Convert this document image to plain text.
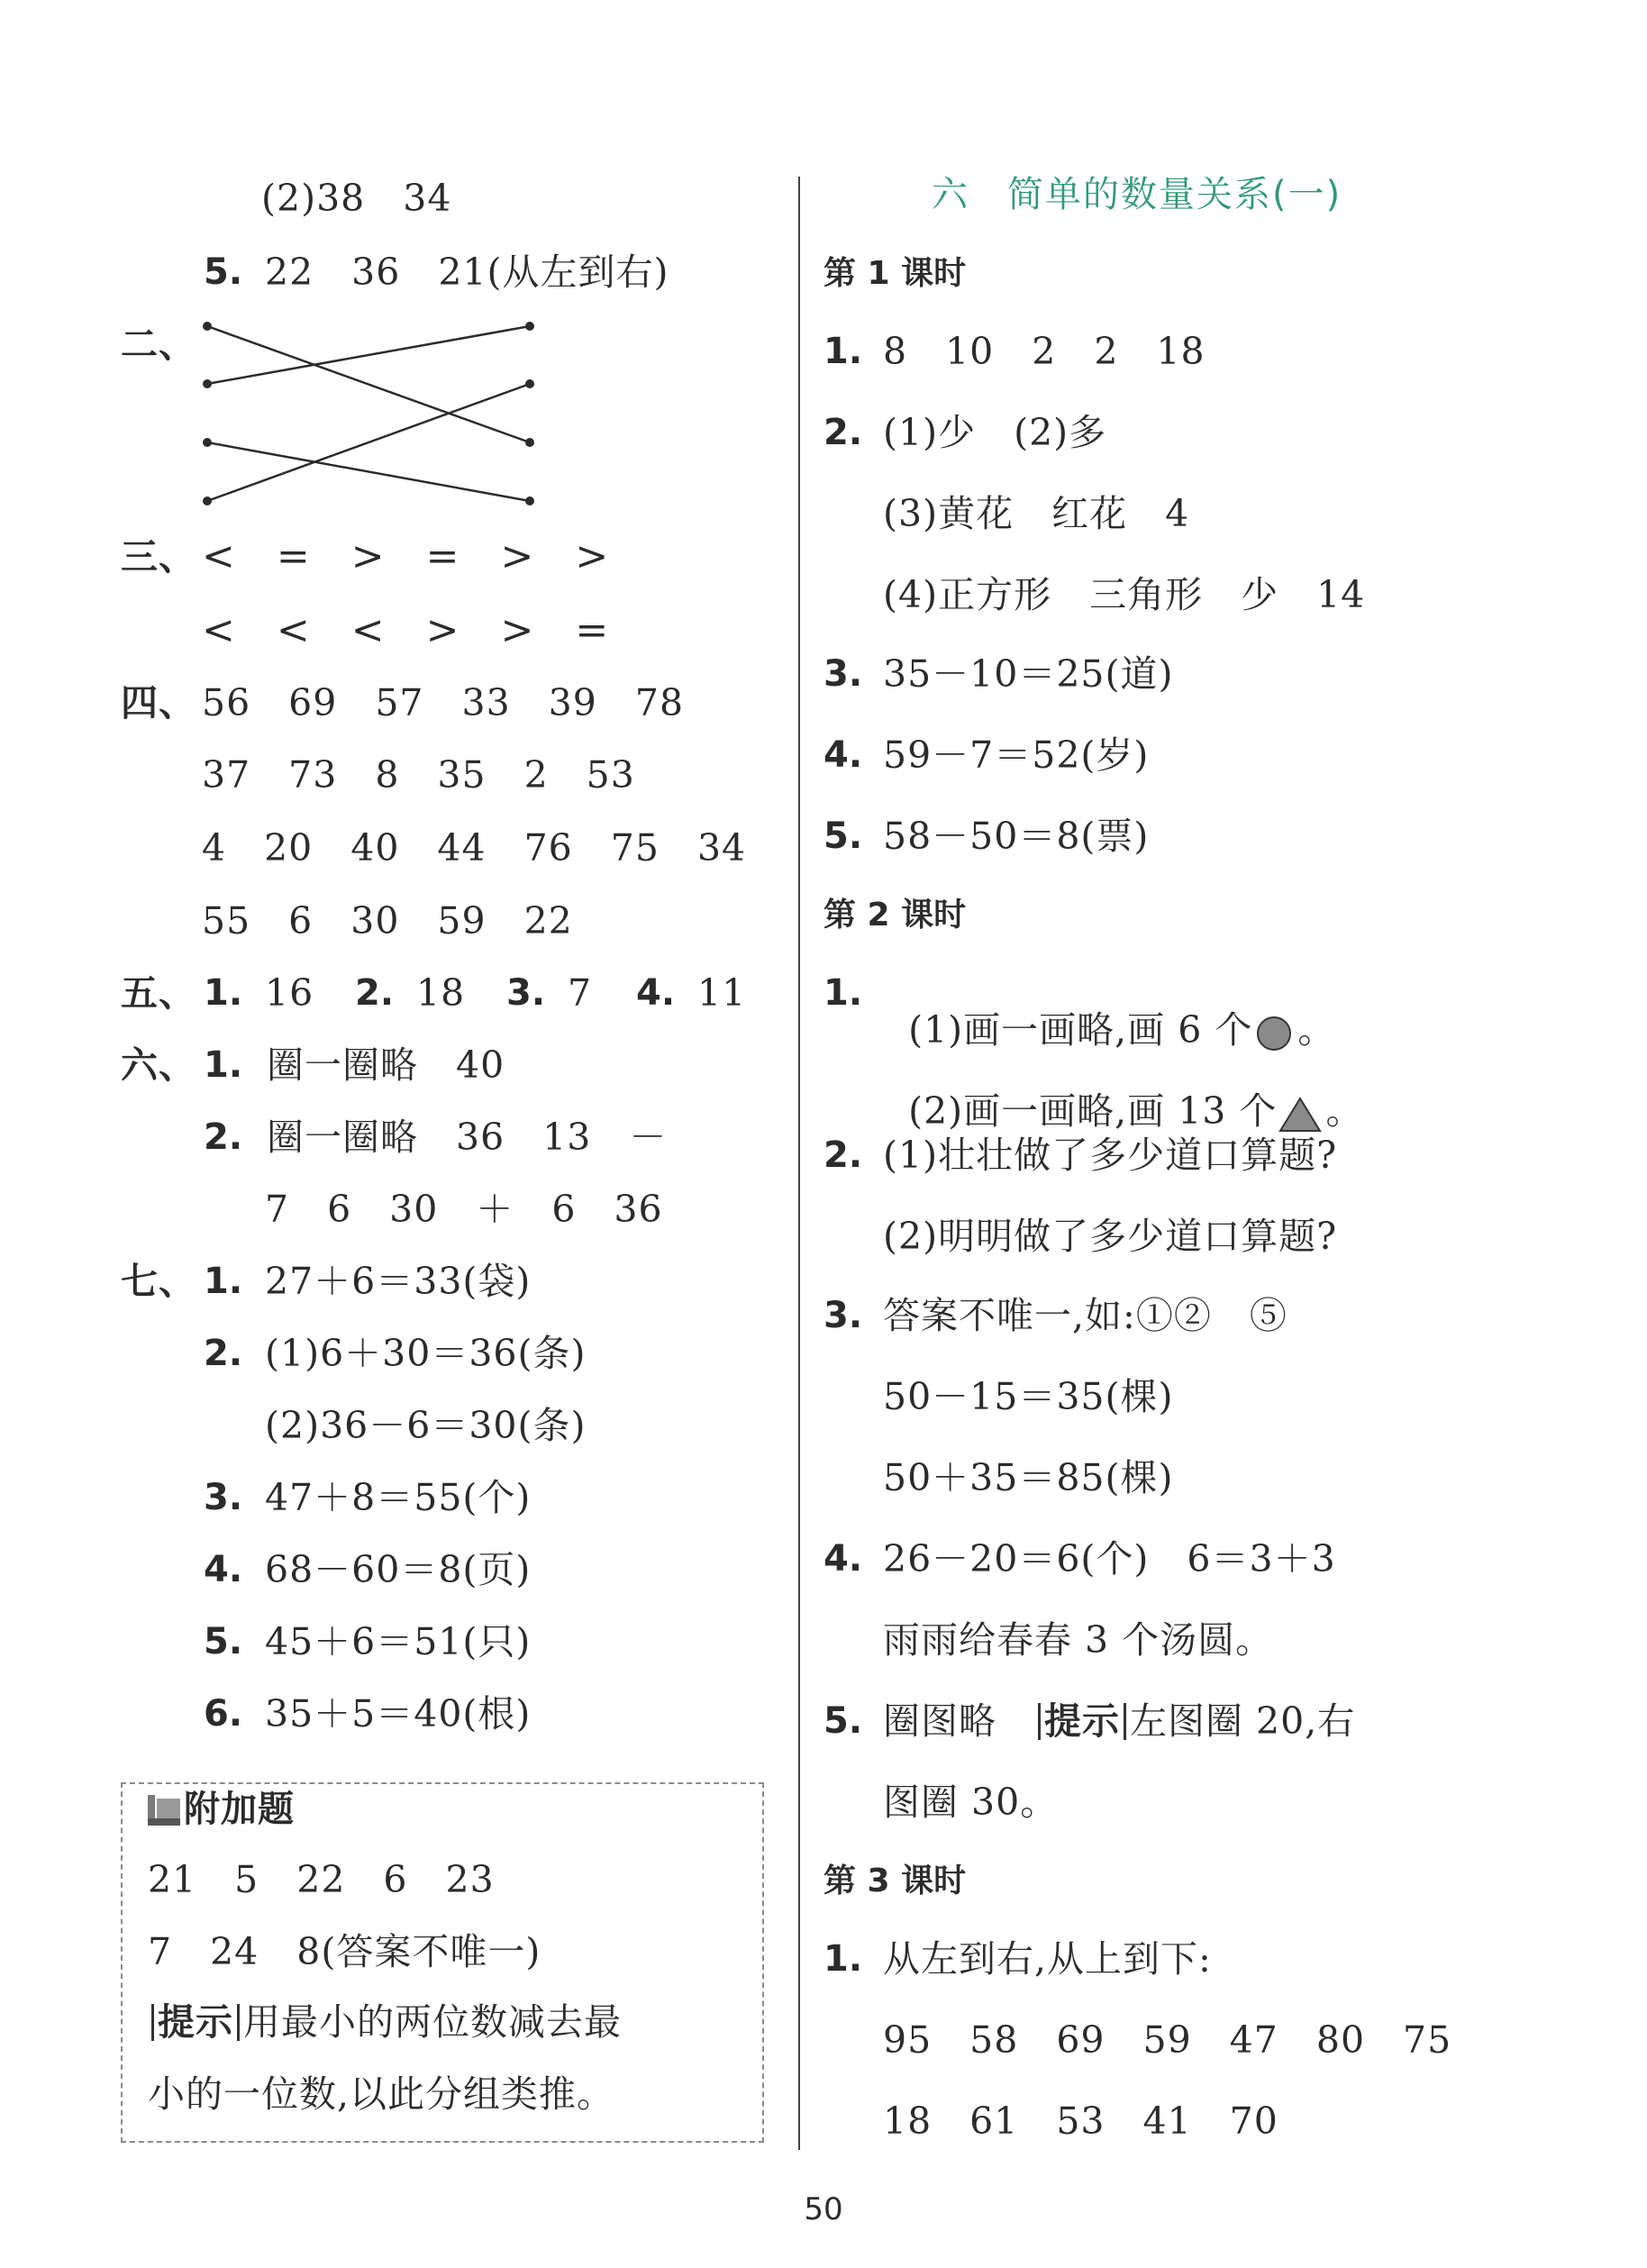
(2)38　34
5. 22　36　21(从左到右)
二、
三、 <　=　>　=　>　>
<　<　<　>　>　=
四、 56　69　57　33　39　78
37　73　8　35　2　53
4　20　40　44　76　75　34
55　6　30　59　22
五、 1. 16 2. 18 3. 7 4. 11
六、 1. 圈一圈略　40
2. 圈一圈略　36　13　－
7　6　30　＋　6　36
七、 1. 27＋6＝33(袋)
2. (1)6＋30＝36(条)
(2)36－6＝30(条)
3. 47＋8＝55(个)
4. 68－60＝8(页)
5. 45＋6＝51(只)
6. 35＋5＝40(根)
附加题
21　5　22　6　23
7　24　8(答案不唯一)
提示 用最小的两位数减去最
小的一位数,以此分组类推。
六　简单的数量关系(一)
第 1 课时
1. 8　10　2　2　18
2. (1)少　(2)多
(3)黄花　红花　4
(4)正方形　三角形　少　14
3. 35－10＝25(道)
4. 59－7＝52(岁)
5. 58－50＝8(票)
第 2 课时
1.

(1)画一画略,画 6 个 。

(2)画一画略,画 13 个 。

2. (1)壮壮做了多少道口算题?
(2)明明做了多少道口算题?
3. 答案不唯一,如:①②　⑤
50－15＝35(棵)
50＋35＝85(棵)
4. 26－20＝6(个)　6＝3＋3
雨雨给春春 3 个汤圆。
5. 圈图略　 提示 左图圈 20,右
图圈 30。
第 3 课时
1. 从左到右,从上到下:
95　58　69　59　47　80　75
18　61　53　41　70
50
